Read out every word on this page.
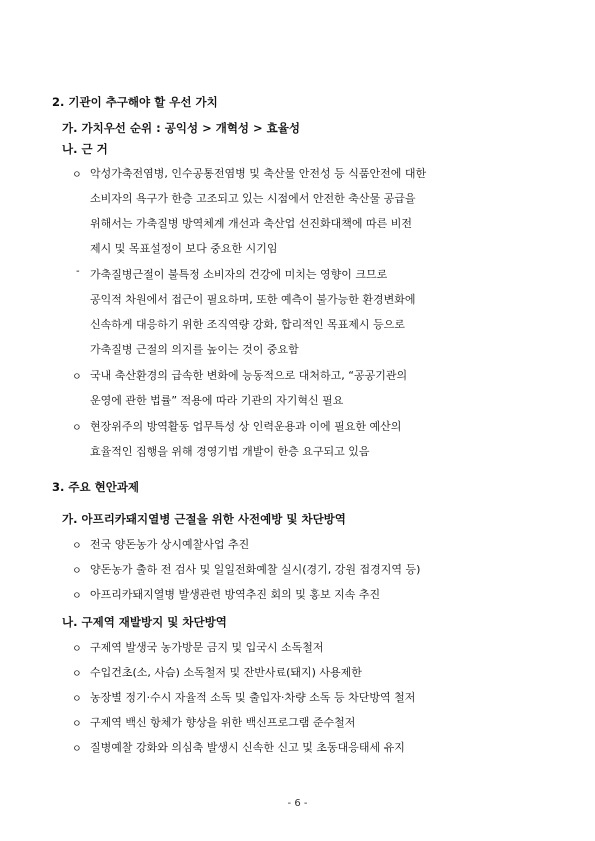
2. 기관이 추구해야 할 우선 가치
가. 가치우선 순위 : 공익성 > 개혁성 > 효율성
나. 근 거
ㅇ 악성가축전염병, 인수공통전염병 및 축산물 안전성 등 식품안전에 대한
소비자의 욕구가 한층 고조되고 있는 시점에서 안전한 축산물 공급을
위해서는 가축질병 방역체계 개선과 축산업 선진화대책에 따른 비전
제시 및 목표설정이 보다 중요한 시기임
- 가축질병근절이 불특정 소비자의 건강에 미치는 영향이 크므로
공익적 차원에서 접근이 필요하며, 또한 예측이 불가능한 환경변화에
신속하게 대응하기 위한 조직역량 강화, 합리적인 목표제시 등으로
가축질병 근절의 의지를 높이는 것이 중요함
ㅇ 국내 축산환경의 급속한 변화에 능동적으로 대처하고, “공공기관의
운영에 관한 법률” 적용에 따라 기관의 자기혁신 필요
ㅇ 현장위주의 방역활동 업무특성 상 인력운용과 이에 필요한 예산의
효율적인 집행을 위해 경영기법 개발이 한층 요구되고 있음
3. 주요 현안과제
가. 아프리카돼지열병 근절을 위한 사전예방 및 차단방역
ㅇ 전국 양돈농가 상시예찰사업 추진
ㅇ 양돈농가 출하 전 검사 및 일일전화예찰 실시(경기, 강원 접경지역 등)
ㅇ 아프리카돼지열병 발생관련 방역추진 회의 및 홍보 지속 추진
나. 구제역 재발방지 및 차단방역
ㅇ 구제역 발생국 농가방문 금지 및 입국시 소독철저
ㅇ 수입건초(소, 사슴) 소독철저 및 잔반사료(돼지) 사용제한
ㅇ 농장별 정기·수시 자율적 소독 및 출입자·차량 소독 등 차단방역 철저
ㅇ 구제역 백신 항체가 향상을 위한 백신프로그램 준수철저
ㅇ 질병예찰 강화와 의심축 발생시 신속한 신고 및 초동대응태세 유지
- 6 -
